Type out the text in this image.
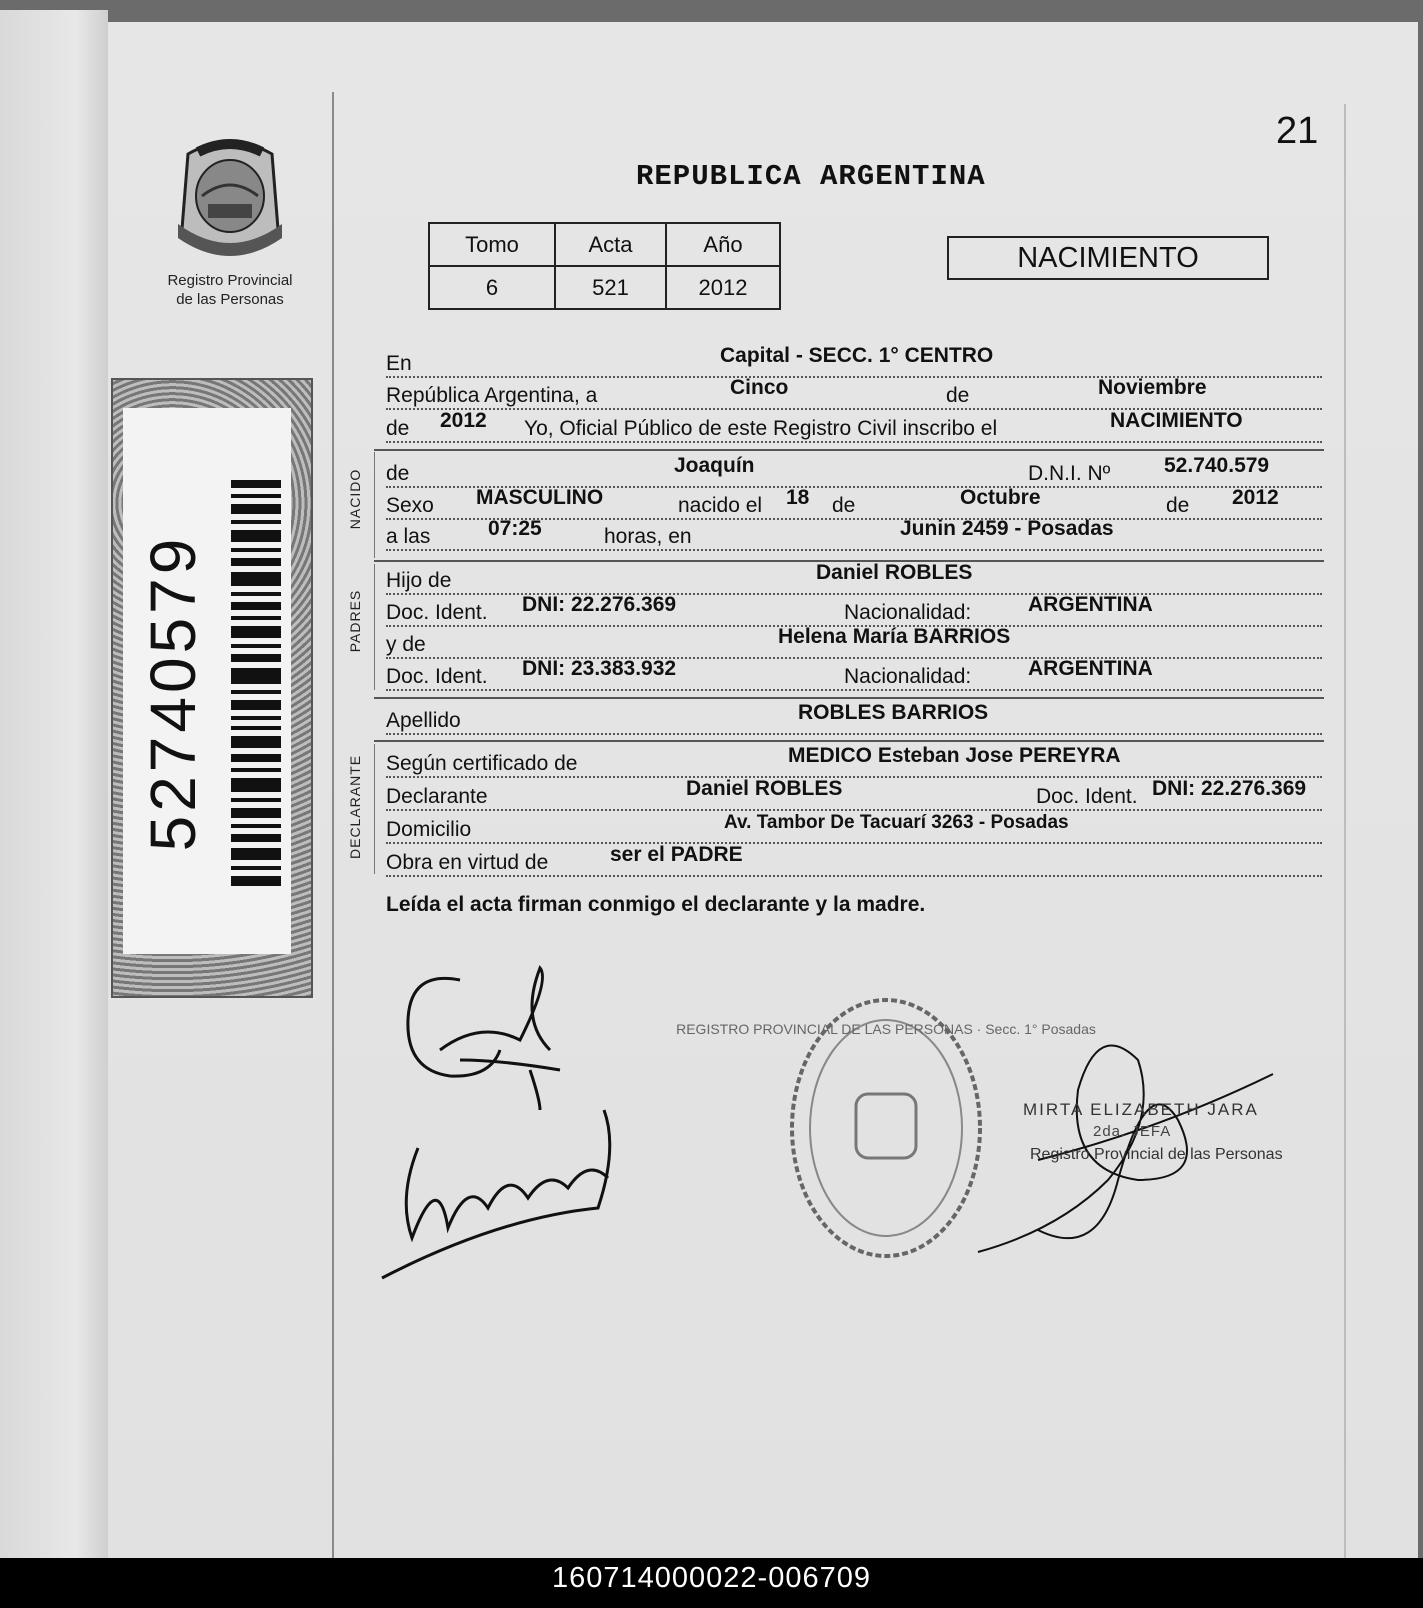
Registro Provincial
de las Personas
52740579
21
REPUBLICA ARGENTINA
Tomo	Acta	Año
6	521	2012
NACIMIENTO
En	Capital - SECC. 1° CENTRO
República Argentina, a	Cinco	de	Noviembre
de 2012 Yo, Oficial Público de este Registro Civil inscribo el	NACIMIENTO
NACIDO de	Joaquín	D.N.I. Nº	52.740.579
Sexo MASCULINO	nacido el 18 de	Octubre	de 2012
a las	07:25	horas, en	Junin 2459 - Posadas
PADRES
Hijo de	Daniel ROBLES
Doc. Ident. DNI: 22.276.369	Nacionalidad:	ARGENTINA
y de	Helena María BARRIOS
Doc. Ident. DNI: 23.383.932	Nacionalidad:	ARGENTINA
Apellido	ROBLES BARRIOS
DECLARANTE Según certificado de	MEDICO Esteban Jose PEREYRA
Declarante	Daniel ROBLES	Doc. Ident. DNI: 22.276.369
Domicilio	Av. Tambor De Tacuarí 3263 - Posadas
Obra en virtud de	ser el PADRE
Leída el acta firman conmigo el declarante y la madre.
REGISTRO PROVINCIAL DE LAS PERSONAS · Secc. 1° Posadas
MIRTA ELIZABETH JARA
2da. JEFA
Registro Provincial de las Personas
160714000022-006709
